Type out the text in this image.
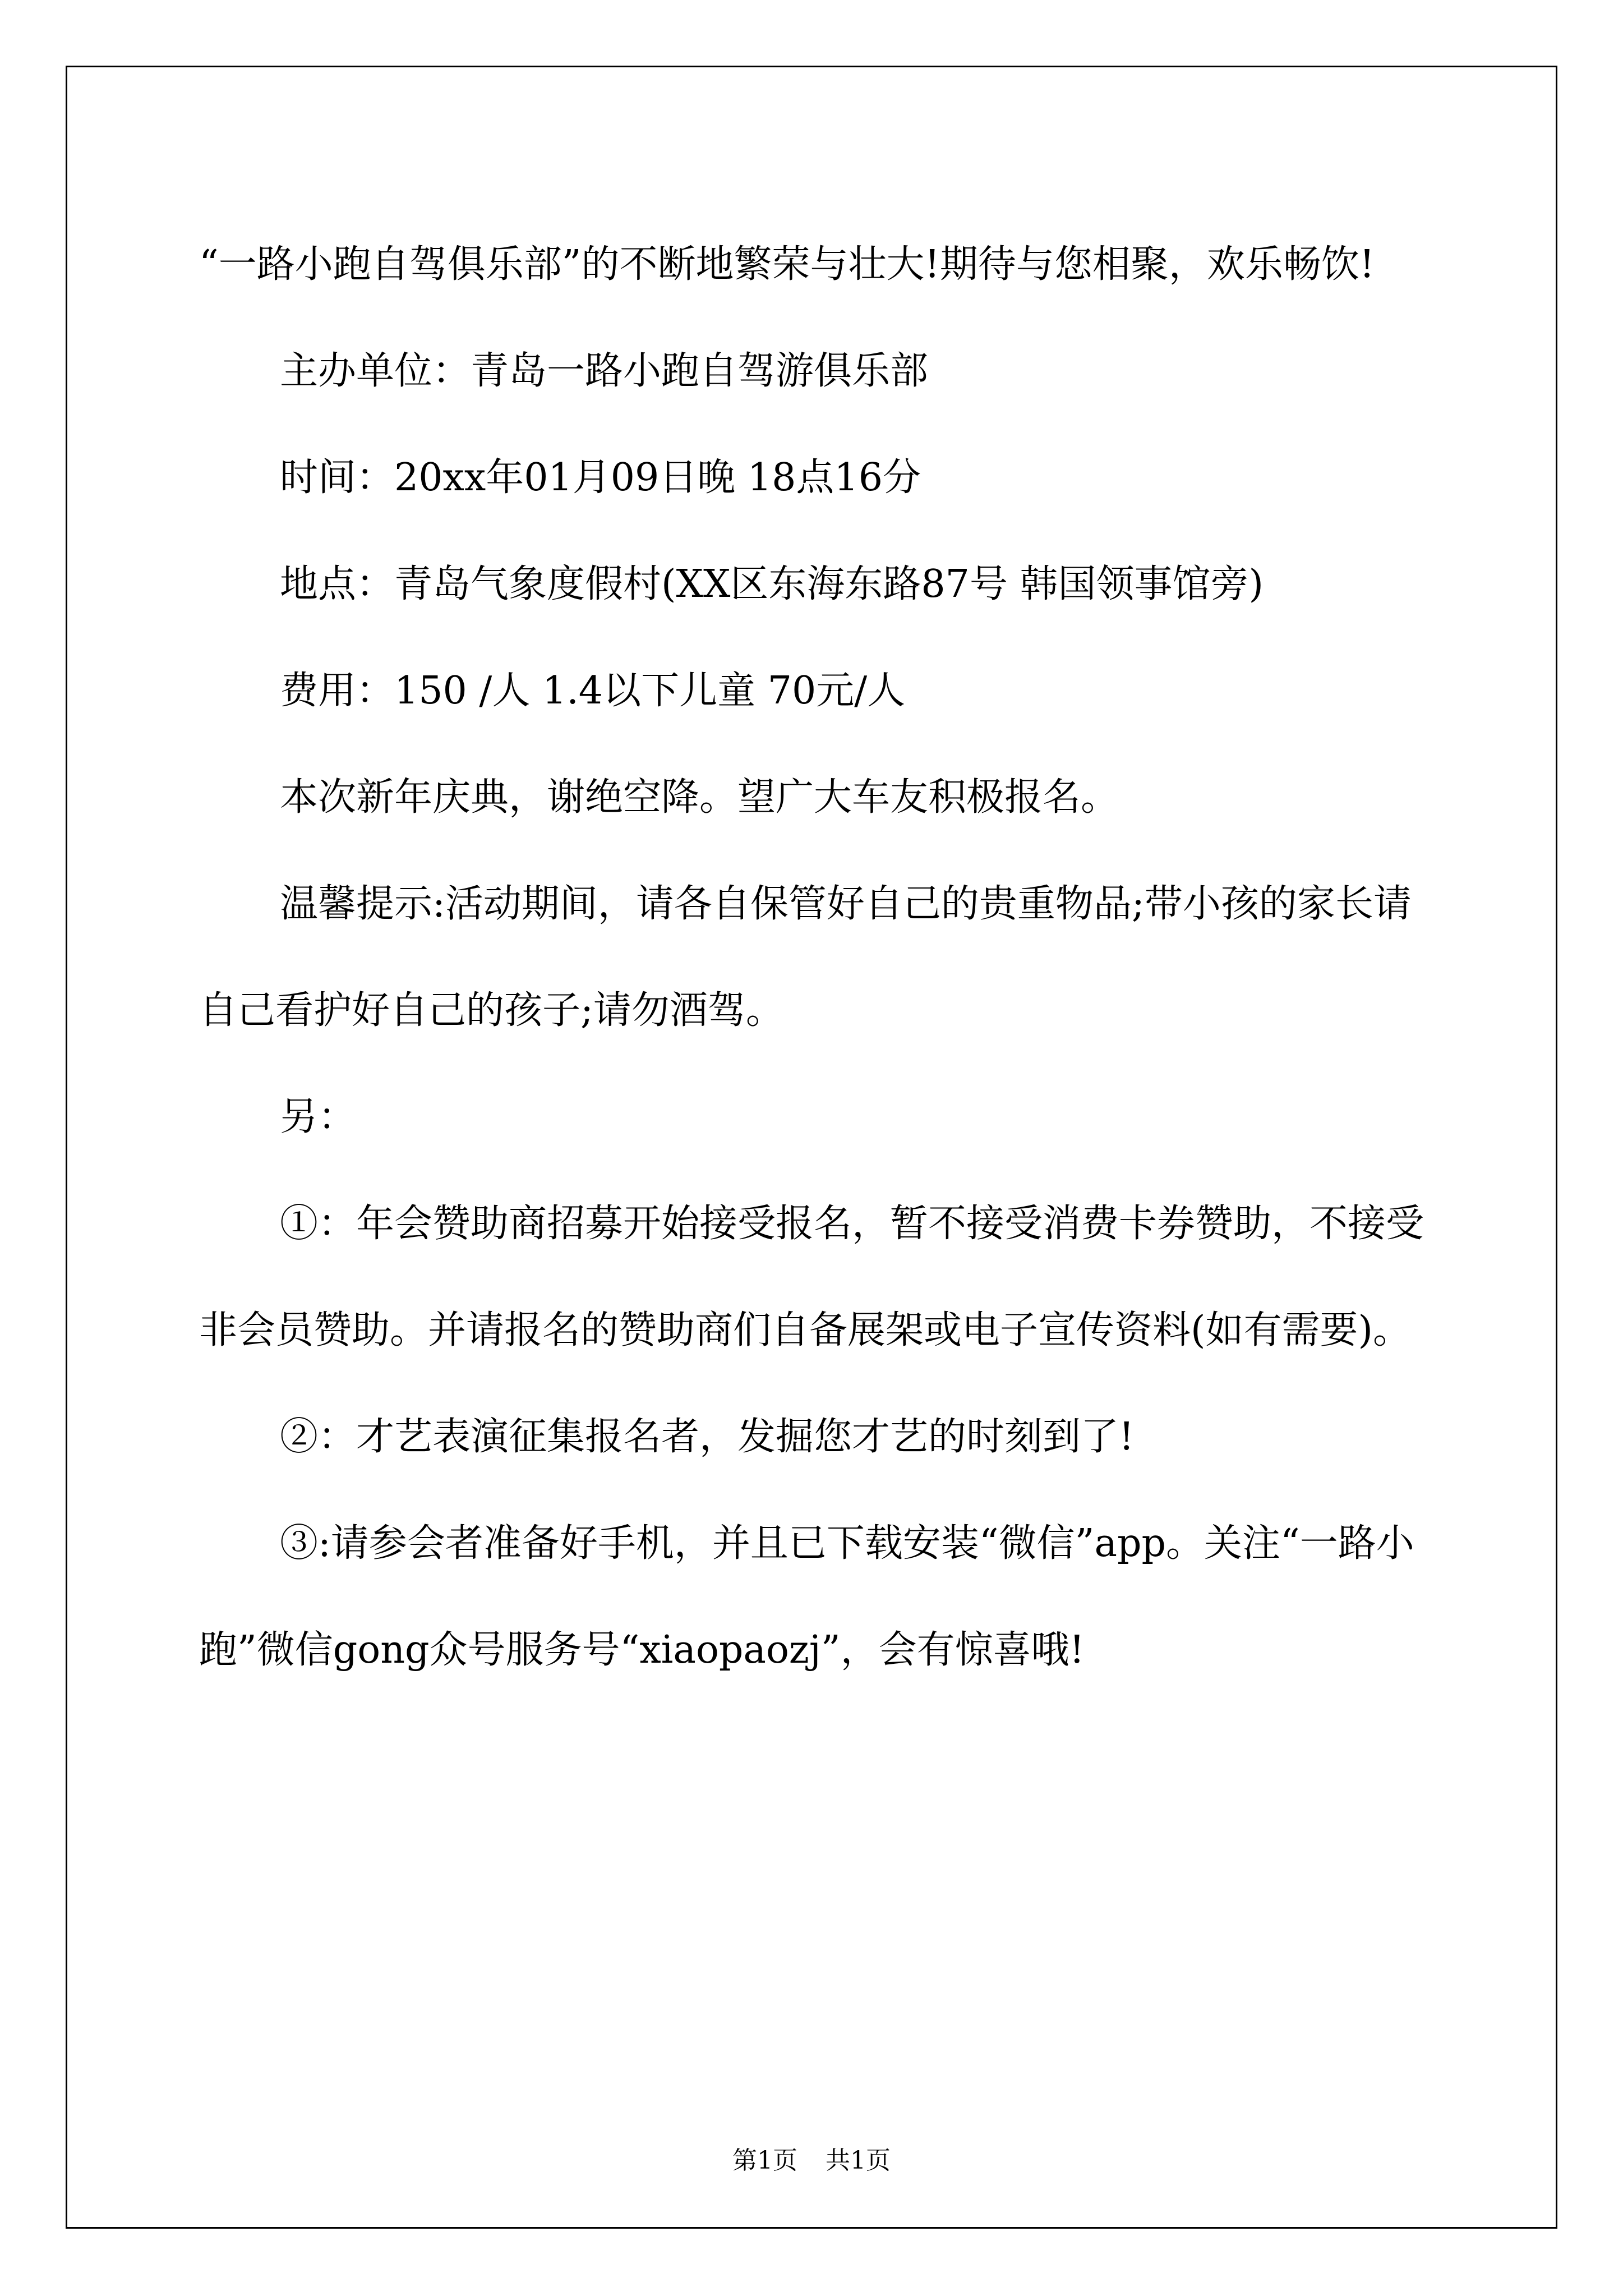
“一路小跑自驾俱乐部”的不断地繁荣与壮大!期待与您相聚，欢乐畅饮!

主办单位：青岛一路小跑自驾游俱乐部

时间：20xx年01月09日晚 18点16分

地点：青岛气象度假村(XX区东海东路87号 韩国领事馆旁)

费用：150 /人 1.4以下儿童 70元/人

本次新年庆典，谢绝空降。望广大车友积极报名。

温馨提示:活动期间，请各自保管好自己的贵重物品;带小孩的家长请自己看护好自己的孩子;请勿酒驾。

另：

①：年会赞助商招募开始接受报名，暂不接受消费卡券赞助，不接受非会员赞助。并请报名的赞助商们自备展架或电子宣传资料(如有需要)。

②：才艺表演征集报名者，发掘您才艺的时刻到了!

③:请参会者准备好手机，并且已下载安装“微信”app。关注“一路小跑”微信gong众号服务号“xiaopaozj”，会有惊喜哦!

第1页 共1页
